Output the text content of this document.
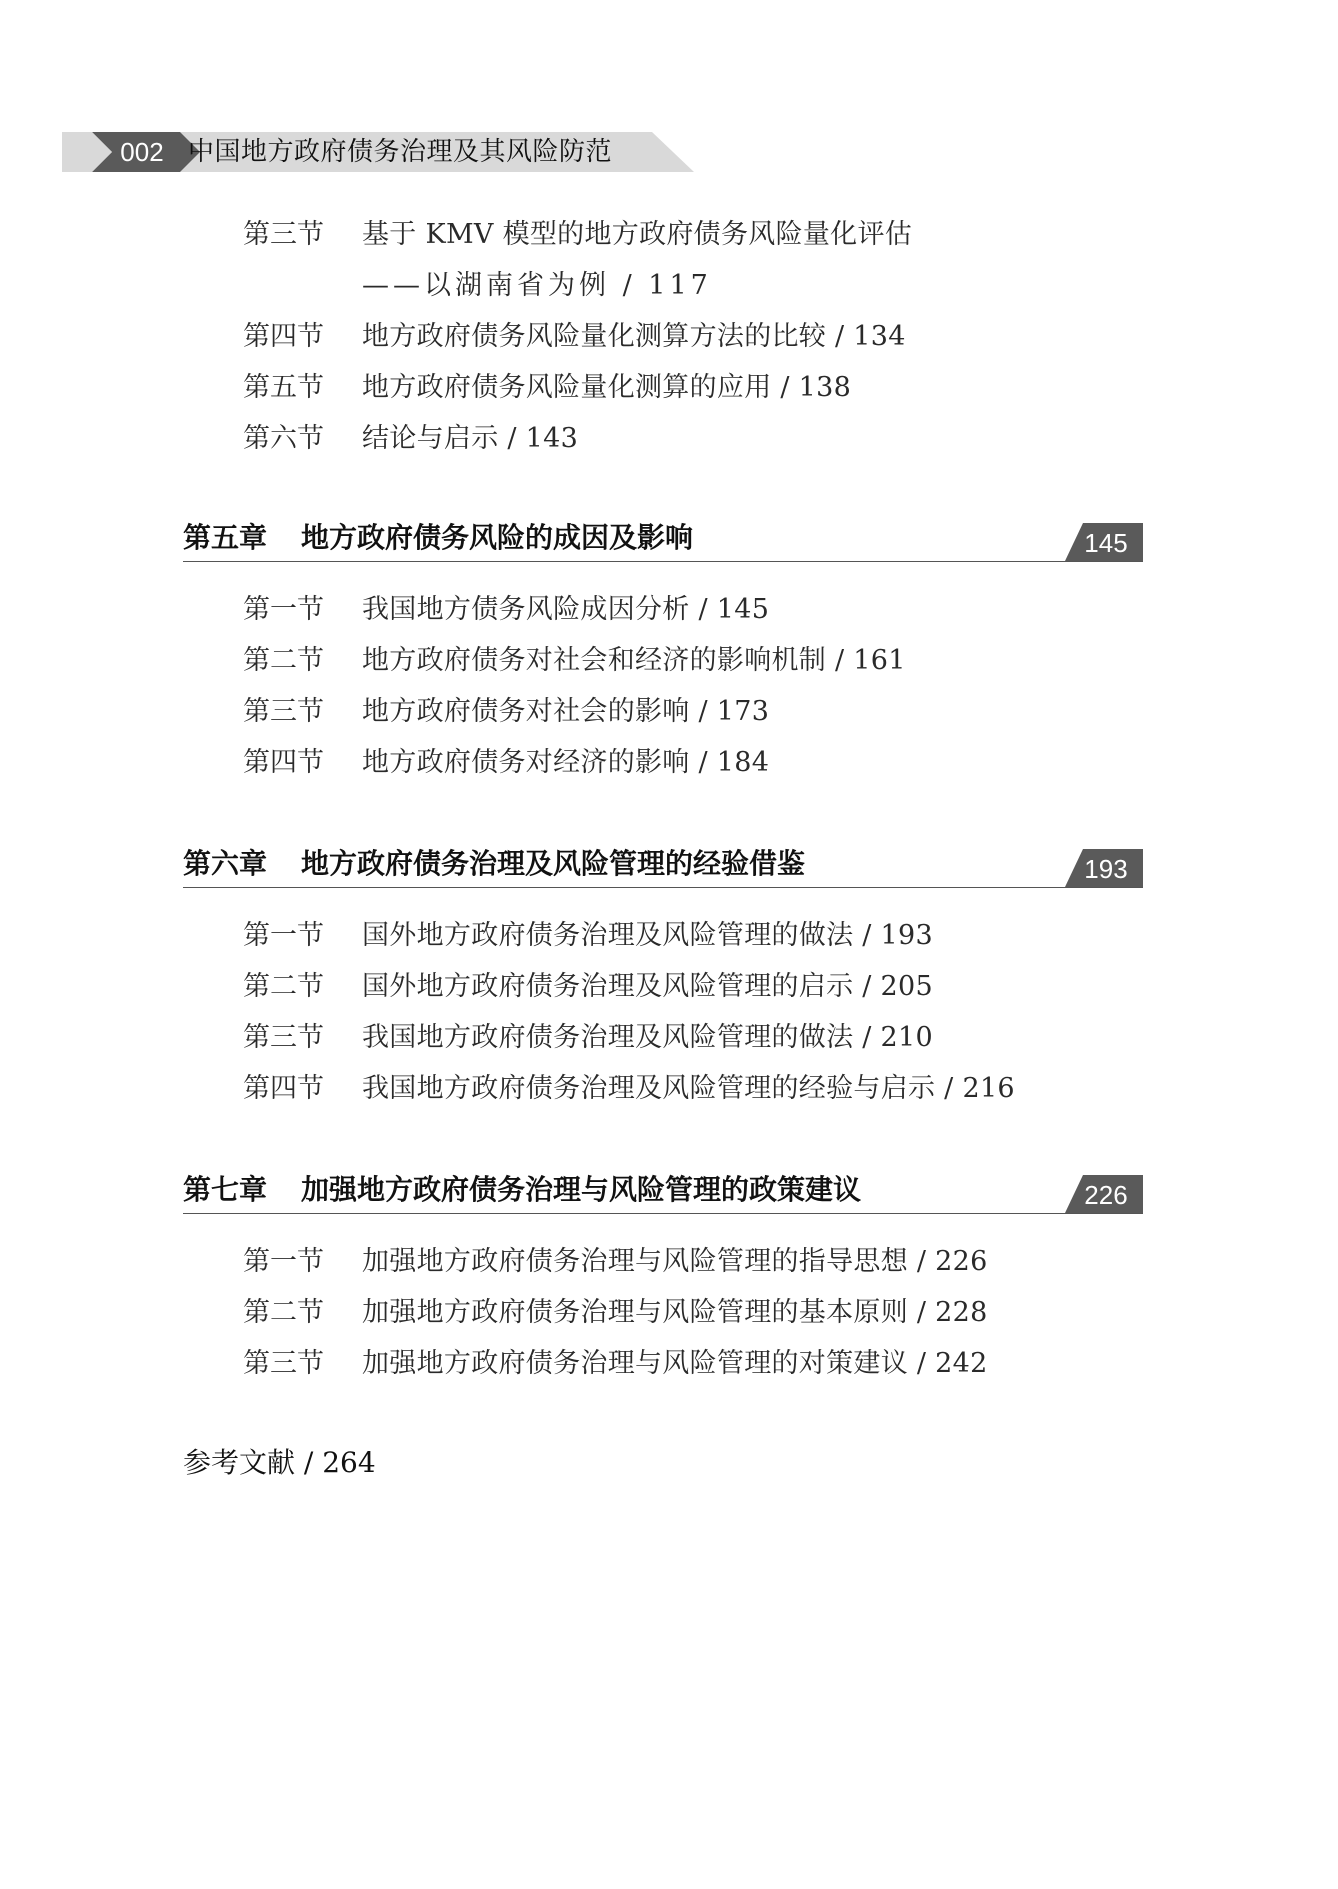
002 中国地方政府债务治理及其风险防范
第三节 基于 KMV 模型的地方政府债务风险量化评估
——以湖南省为例 / 117
第四节 地方政府债务风险量化测算方法的比较 / 134
第五节 地方政府债务风险量化测算的应用 / 138
第六节 结论与启示 / 143
第五章 地方政府债务风险的成因及影响	145
第一节 我国地方债务风险成因分析 / 145
第二节 地方政府债务对社会和经济的影响机制 / 161
第三节 地方政府债务对社会的影响 / 173
第四节 地方政府债务对经济的影响 / 184
第六章 地方政府债务治理及风险管理的经验借鉴	193
第一节 国外地方政府债务治理及风险管理的做法 / 193
第二节 国外地方政府债务治理及风险管理的启示 / 205
第三节 我国地方政府债务治理及风险管理的做法 / 210
第四节 我国地方政府债务治理及风险管理的经验与启示 / 216
第七章 加强地方政府债务治理与风险管理的政策建议	226
第一节 加强地方政府债务治理与风险管理的指导思想 / 226
第二节 加强地方政府债务治理与风险管理的基本原则 / 228
第三节 加强地方政府债务治理与风险管理的对策建议 / 242
参考文献 / 264
